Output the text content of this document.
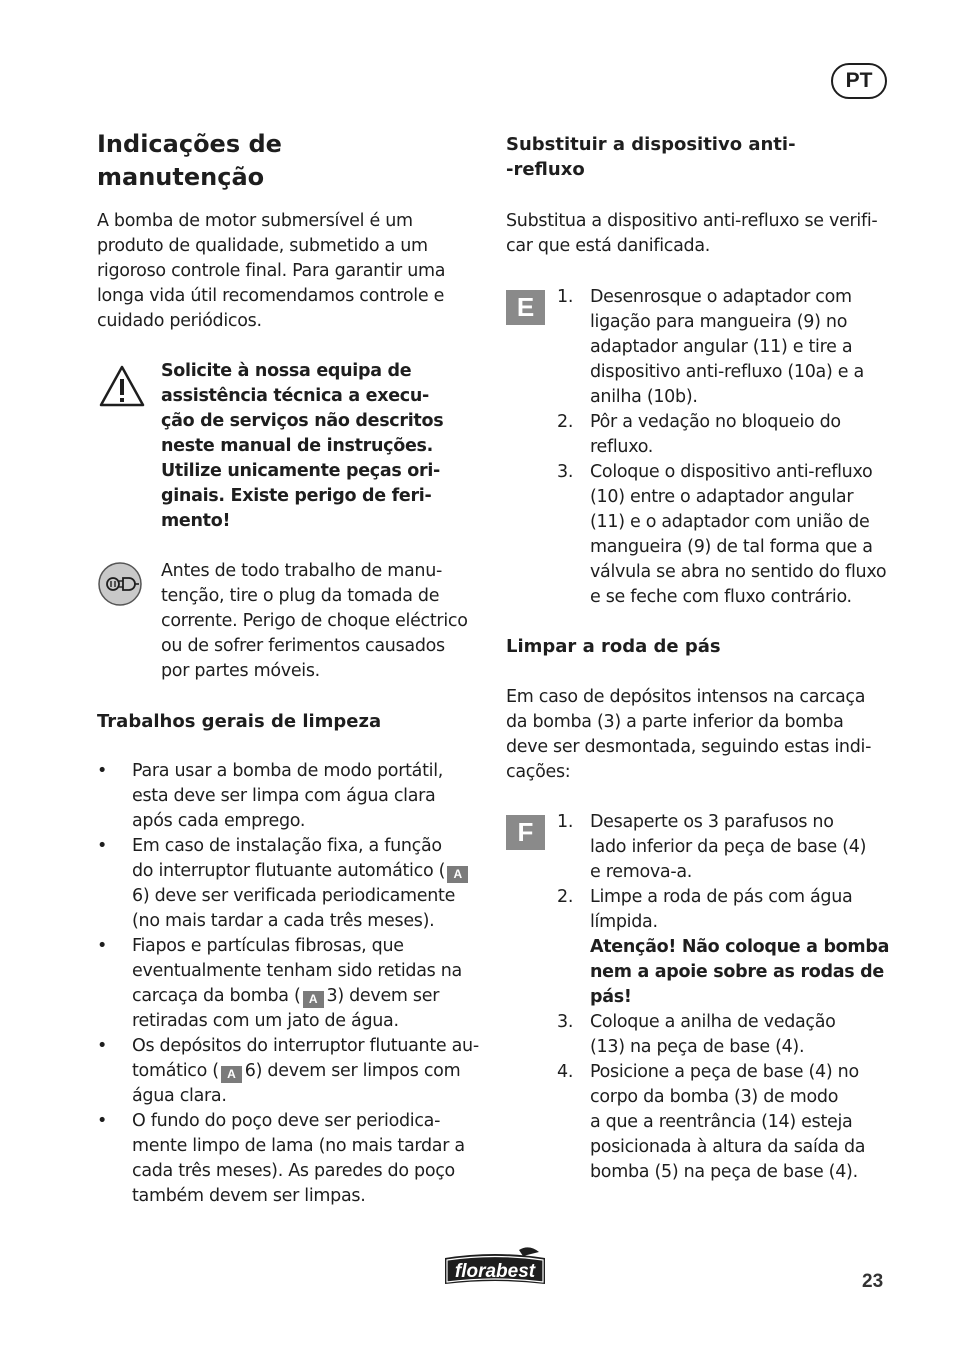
PT

Indicações de

manutenção

A bomba de motor submersível é um produto de qualidade, submetido a um rigoroso controle final. Para garantir uma longa vida útil recomendamos controle e cuidado periódicos.

Solicite à nossa equipa de

assistência técnica a execu-

ção de serviços não descritos

neste manual de instruções.

Utilize unicamente peças ori-

ginais. Existe perigo de feri-

mento!

Antes de todo trabalho de manu-

tenção, tire o plug da tomada de

corrente. Perigo de choque eléctrico

ou de sofrer ferimentos causados

por partes móveis.

Trabalhos gerais de limpeza

•	Para usar a bomba de modo portátil,

esta deve ser limpa com água clara

após cada emprego.

•	Em caso de instalação fixa, a função

do interruptor flutuante automático ( A

6) deve ser verificada periodicamente

(no mais tardar a cada três meses).

•	Fiapos e partículas fibrosas, que

eventualmente tenham sido retidas na

carcaça da bomba ( A 3) devem ser

retiradas com um jato de água.

•	Os depósitos do interruptor flutuante au-

tomático ( A 6) devem ser limpos com

água clara.

•	O fundo do poço deve ser periodica-

mente limpo de lama (no mais tardar a

cada três meses). As paredes do poço

também devem ser limpas.

Substituir a dispositivo anti-

-refluxo

Substitua a dispositivo anti-refluxo se verifi-

car que está danificada.

E	1. Desenrosque o adaptador com

ligação para mangueira (9) no

adaptador angular (11) e tire a

dispositivo anti-refluxo (10a) e a

anilha (10b).

2. Pôr a vedação no bloqueio do

refluxo.

3. Coloque o dispositivo anti-refluxo

(10) entre o adaptador angular

(11) e o adaptador com união de

mangueira (9) de tal forma que a

válvula se abra no sentido do fluxo

e se feche com fluxo contrário.

Limpar a roda de pás

Em caso de depósitos intensos na carcaça

da bomba (3) a parte inferior da bomba

deve ser desmontada, seguindo estas indi-

cações:

F	1. Desaperte os 3 parafusos no

lado inferior da peça de base (4)

e remova-a.

2. Limpe a roda de pás com água

límpida.

Atenção! Não coloque a bomba

nem a apoie sobre as rodas de

pás!

3. Coloque a anilha de vedação

(13) na peça de base (4).

4. Posicione a peça de base (4) no

corpo da bomba (3) de modo

a que a reentrância (14) esteja

posicionada à altura da saída da

bomba (5) na peça de base (4).

florabest	23
